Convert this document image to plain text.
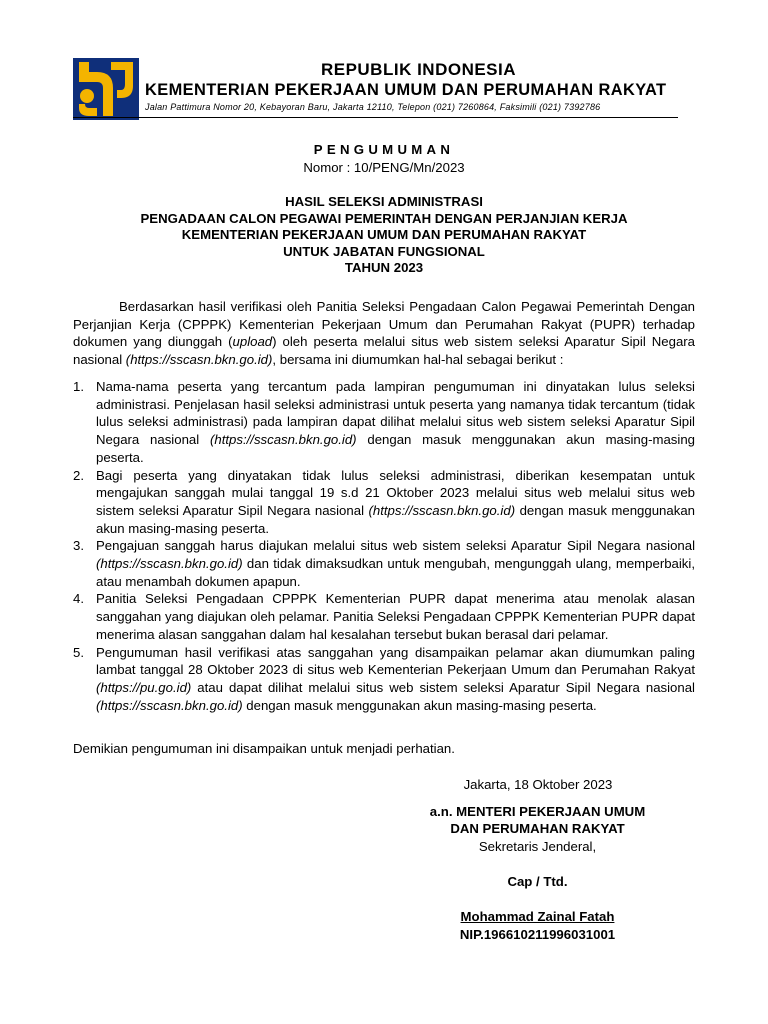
REPUBLIK INDONESIA
KEMENTERIAN PEKERJAAN UMUM DAN PERUMAHAN RAKYAT
Jalan Pattimura Nomor 20, Kebayoran Baru, Jakarta 12110, Telepon (021) 7260864, Faksimili (021) 7392786
PENGUMUMAN
Nomor : 10/PENG/Mn/2023
HASIL SELEKSI ADMINISTRASI
PENGADAAN CALON PEGAWAI PEMERINTAH DENGAN PERJANJIAN KERJA
KEMENTERIAN PEKERJAAN UMUM DAN PERUMAHAN RAKYAT
UNTUK JABATAN FUNGSIONAL
TAHUN 2023
Berdasarkan hasil verifikasi oleh Panitia Seleksi Pengadaan Calon Pegawai Pemerintah Dengan Perjanjian Kerja (CPPPK) Kementerian Pekerjaan Umum dan Perumahan Rakyat (PUPR) terhadap dokumen yang diunggah (upload) oleh peserta melalui situs web sistem seleksi Aparatur Sipil Negara nasional (https://sscasn.bkn.go.id), bersama ini diumumkan hal-hal sebagai berikut :
1. Nama-nama peserta yang tercantum pada lampiran pengumuman ini dinyatakan lulus seleksi administrasi. Penjelasan hasil seleksi administrasi untuk peserta yang namanya tidak tercantum (tidak lulus seleksi administrasi) pada lampiran dapat dilihat melalui situs web sistem seleksi Aparatur Sipil Negara nasional (https://sscasn.bkn.go.id) dengan masuk menggunakan akun masing-masing peserta.
2. Bagi peserta yang dinyatakan tidak lulus seleksi administrasi, diberikan kesempatan untuk mengajukan sanggah mulai tanggal 19 s.d 21 Oktober 2023 melalui situs web melalui situs web sistem seleksi Aparatur Sipil Negara nasional (https://sscasn.bkn.go.id) dengan masuk menggunakan akun masing-masing peserta.
3. Pengajuan sanggah harus diajukan melalui situs web sistem seleksi Aparatur Sipil Negara nasional (https://sscasn.bkn.go.id) dan tidak dimaksudkan untuk mengubah, mengunggah ulang, memperbaiki, atau menambah dokumen apapun.
4. Panitia Seleksi Pengadaan CPPPK Kementerian PUPR dapat menerima atau menolak alasan sanggahan yang diajukan oleh pelamar. Panitia Seleksi Pengadaan CPPPK Kementerian PUPR dapat menerima alasan sanggahan dalam hal kesalahan tersebut bukan berasal dari pelamar.
5. Pengumuman hasil verifikasi atas sanggahan yang disampaikan pelamar akan diumumkan paling lambat tanggal 28 Oktober 2023 di situs web Kementerian Pekerjaan Umum dan Perumahan Rakyat (https://pu.go.id) atau dapat dilihat melalui situs web sistem seleksi Aparatur Sipil Negara nasional (https://sscasn.bkn.go.id) dengan masuk menggunakan akun masing-masing peserta.
Demikian pengumuman ini disampaikan untuk menjadi perhatian.
Jakarta, 18 Oktober 2023
a.n. MENTERI PEKERJAAN UMUM
DAN PERUMAHAN RAKYAT
Sekretaris Jenderal,
Cap / Ttd.
Mohammad Zainal Fatah
NIP.196610211996031001
